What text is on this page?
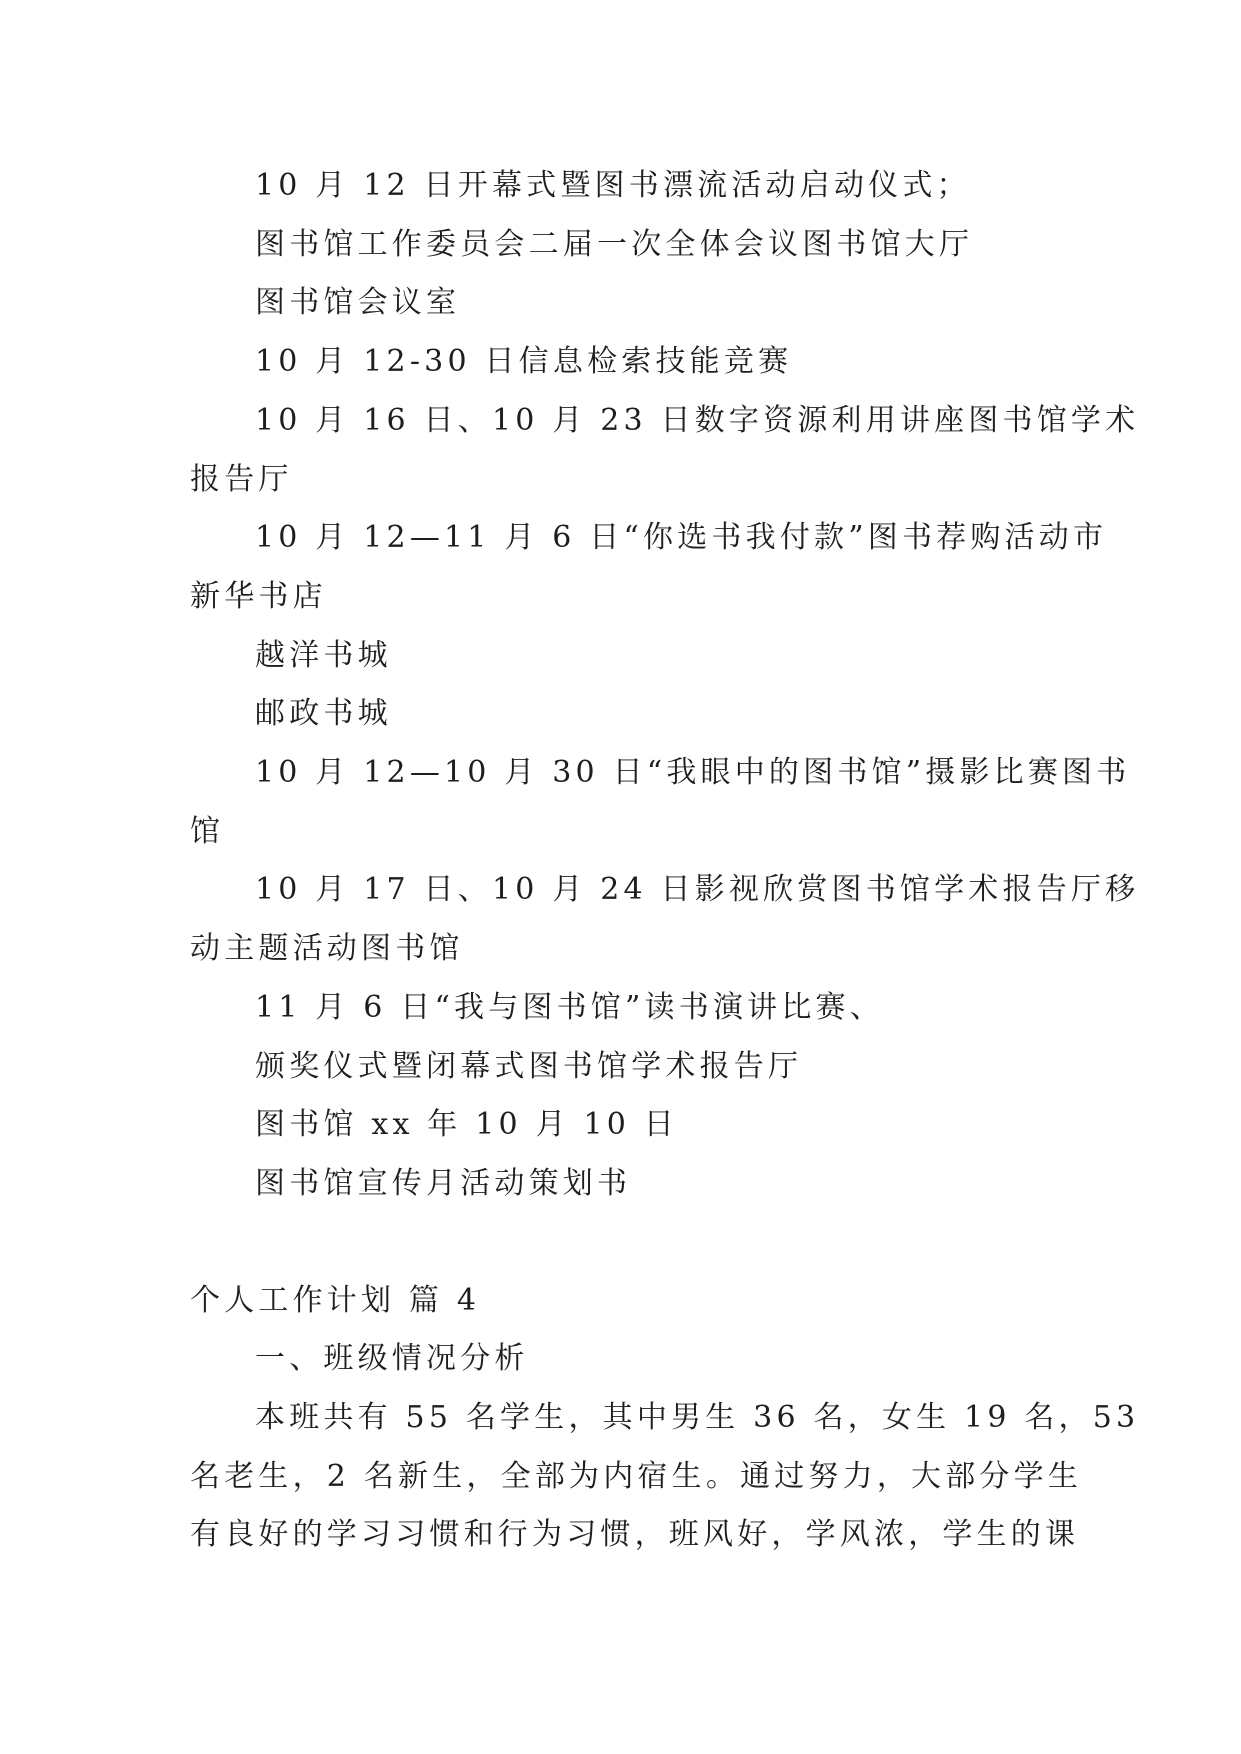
10 月 12 日开幕式暨图书漂流活动启动仪式；
图书馆工作委员会二届一次全体会议图书馆大厅
图书馆会议室
10 月 12-30 日信息检索技能竞赛
10 月 16 日、10 月 23 日数字资源利用讲座图书馆学术
报告厅
10 月 12—11 月 6 日“你选书我付款”图书荐购活动市
新华书店
越洋书城
邮政书城
10 月 12—10 月 30 日“我眼中的图书馆”摄影比赛图书
馆
10 月 17 日、10 月 24 日影视欣赏图书馆学术报告厅移
动主题活动图书馆
11 月 6 日“我与图书馆”读书演讲比赛、
颁奖仪式暨闭幕式图书馆学术报告厅
图书馆 xx 年 10 月 10 日
图书馆宣传月活动策划书
个人工作计划 篇 4
一、班级情况分析
本班共有 55 名学生，其中男生 36 名，女生 19 名，53
名老生，2 名新生，全部为内宿生。通过努力，大部分学生
有良好的学习习惯和行为习惯，班风好，学风浓，学生的课
